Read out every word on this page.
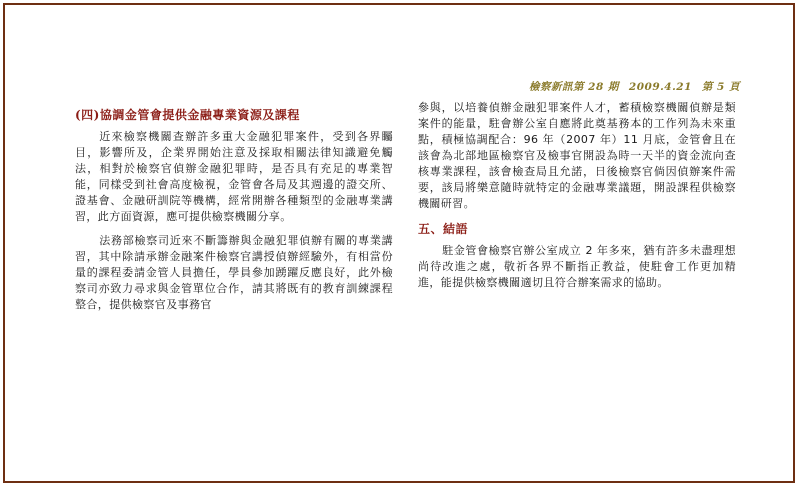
檢察新訊第 28 期 2009.4.21 第 5 頁
(四)協調金管會提供金融專業資源及課程

近來檢察機關查辦許多重大金融犯罪案件，受到各界矚目，影響所及，企業界開始注意及採取相關法律知識避免觸法，相對於檢察官偵辦金融犯罪時，是否具有充足的專業智能，同樣受到社會高度檢視，金管會各局及其週邊的證交所、證基會、金融研訓院等機構，經常開辦各種類型的金融專業講習，此方面資源，應可提供檢察機關分享。

法務部檢察司近來不斷籌辦與金融犯罪偵辦有關的專業講習，其中除請承辦金融案件檢察官講授偵辦經驗外，有相當份量的課程委請金管人員擔任，學員參加踴躍反應良好，此外檢察司亦致力尋求與金管單位合作，請其將既有的教育訓練課程整合，提供檢察官及事務官

參與，以培養偵辦金融犯罪案件人才，蓄積檢察機關偵辦是類案件的能量，駐會辦公室自應將此奠基務本的工作列為未來重點，積極協調配合：96 年（2007 年）11 月底，金管會且在該會為北部地區檢察官及檢事官開設為時一天半的資金流向查核專業課程，該會檢查局且允諾，日後檢察官倘因偵辦案件需要，該局將樂意隨時就特定的金融專業議題，開設課程供檢察機關研習。

五、結語

駐金管會檢察官辦公室成立 2 年多來，猶有許多未盡理想尚待改進之處，敬祈各界不斷指正教益，使駐會工作更加精進，能提供檢察機關適切且符合辦案需求的協助。
